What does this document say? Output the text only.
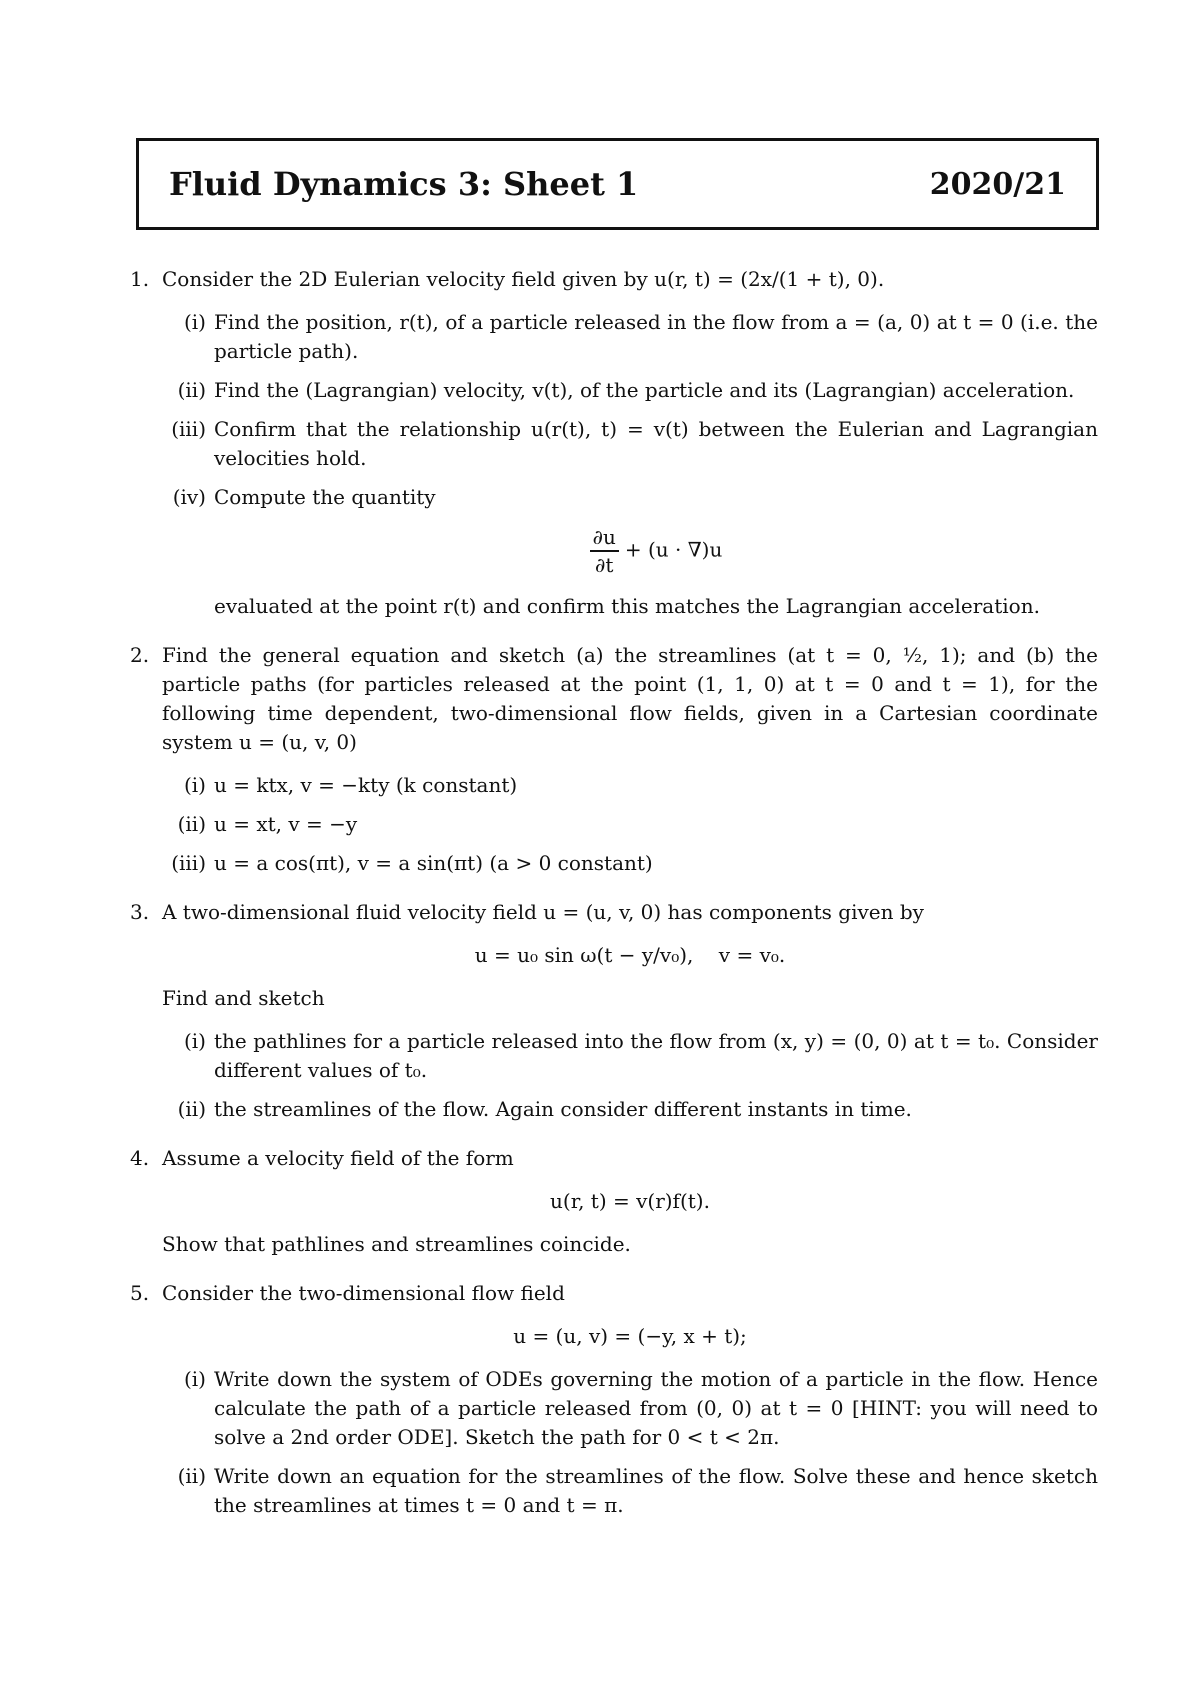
Fluid Dynamics 3: Sheet 1	2020/21
1. Consider the 2D Eulerian velocity field given by u(r, t) = (2x/(1 + t), 0).

(i) Find the position, r(t), of a particle released in the flow from a = (a, 0) at t = 0 (i.e. the particle path).
(ii) Find the (Lagrangian) velocity, v(t), of the particle and its (Lagrangian) acceleration.
(iii) Confirm that the relationship u(r(t), t) = v(t) between the Eulerian and Lagrangian velocities hold.
(iv) Compute the quantity
$\frac{\partial u}{\partial t} + (u \cdot \nabla)u$
evaluated at the point r(t) and confirm this matches the Lagrangian acceleration.
2. Find the general equation and sketch (a) the streamlines (at t = 0, ½, 1); and (b) the particle paths (for particles released at the point (1, 1, 0) at t = 0 and t = 1), for the following time dependent, two-dimensional flow fields, given in a Cartesian coordinate system u = (u, v, 0)

(i) u = ktx, v = −kty (k constant)
(ii) u = xt, v = −y
(iii) u = a cos(πt), v = a sin(πt) (a > 0 constant)
3. A two-dimensional fluid velocity field u = (u, v, 0) has components given by

u = u₀ sin ω(t − y/v₀),    v = v₀.

Find and sketch

(i) the pathlines for a particle released into the flow from (x, y) = (0, 0) at t = t₀. Consider different values of t₀.
(ii) the streamlines of the flow. Again consider different instants in time.
4. Assume a velocity field of the form

u(r, t) = v(r)f(t).

Show that pathlines and streamlines coincide.

5. Consider the two-dimensional flow field

u = (u, v) = (−y, x + t);
(i) Write down the system of ODEs governing the motion of a particle in the flow. Hence calculate the path of a particle released from (0, 0) at t = 0 [HINT: you will need to solve a 2nd order ODE]. Sketch the path for 0 < t < 2π.
(ii) Write down an equation for the streamlines of the flow. Solve these and hence sketch the streamlines at times t = 0 and t = π.
